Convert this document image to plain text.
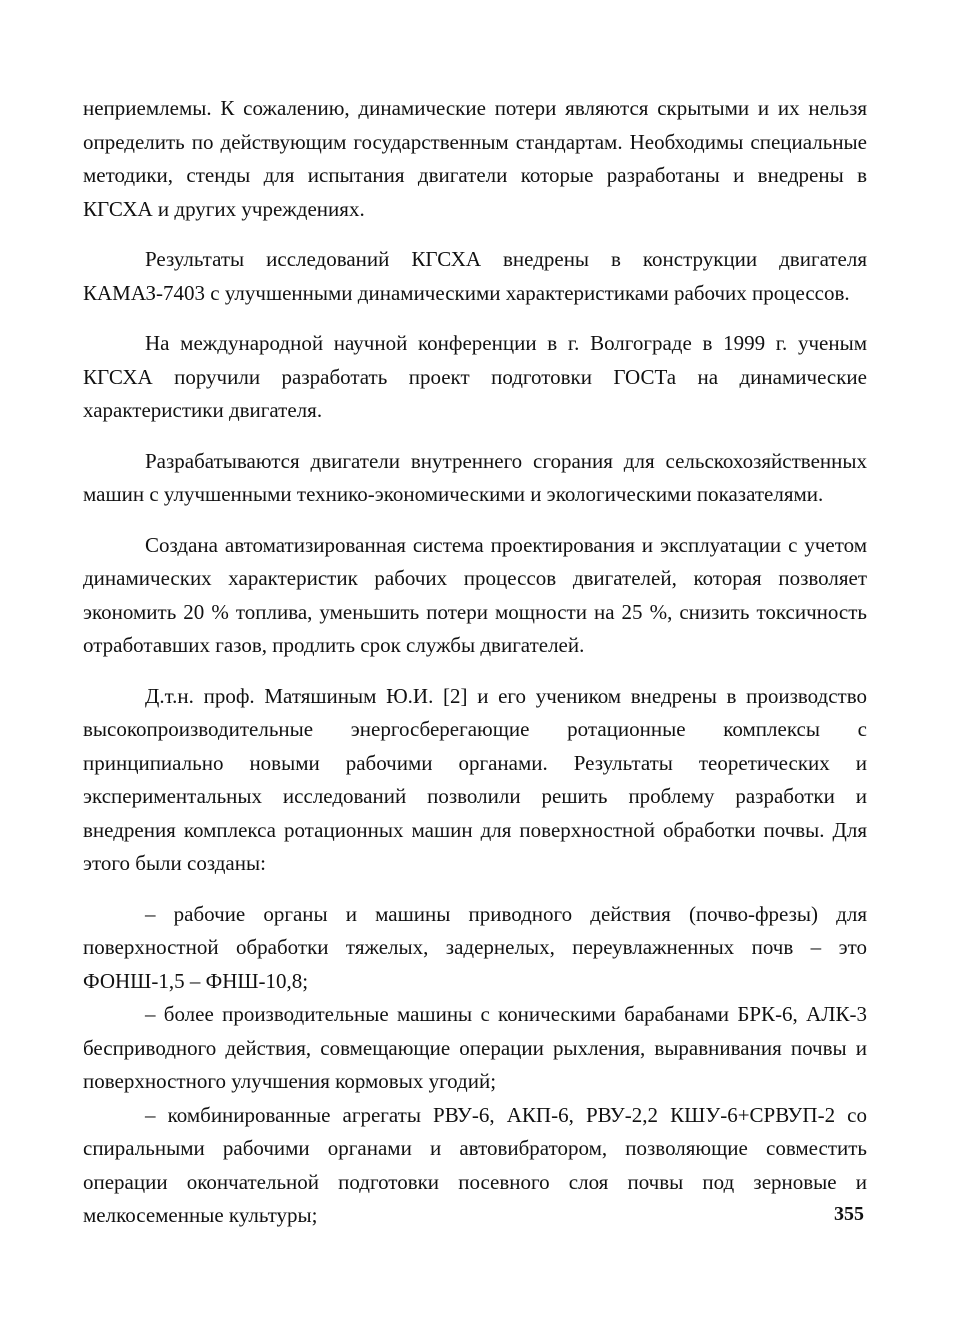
неприемлемы. К сожалению, динамические потери являются скрытыми и их нельзя определить по действующим государственным стандартам. Необходимы специальные методики, стенды для испытания двигатели которые разработаны и внедрены в КГСХА и других учреждениях.

Результаты исследований КГСХА внедрены в конструкции двигателя КАМАЗ-7403 с улучшенными динамическими характеристиками рабочих процессов.

На международной научной конференции в г. Волгограде в 1999 г. ученым КГСХА поручили разработать проект подготовки ГОСТа на динамические характеристики двигателя.

Разрабатываются двигатели внутреннего сгорания для сельскохозяйственных машин с улучшенными технико-экономическими и экологическими показателями.

Создана автоматизированная система проектирования и эксплуатации с учетом динамических характеристик рабочих процессов двигателей, которая позволяет экономить 20 % топлива, уменьшить потери мощности на 25 %, снизить токсичность отработавших газов, продлить срок службы двигателей.

Д.т.н. проф. Матяшиным Ю.И. [2] и его учеником внедрены в производство высокопроизводительные энергосберегающие ротационные комплексы с принципиально новыми рабочими органами. Результаты теоретических и экспериментальных исследований позволили решить проблему разработки и внедрения комплекса ротационных машин для поверхностной обработки почвы. Для этого были созданы:

– рабочие органы и машины приводного действия (почво-фрезы) для поверхностной обработки тяжелых, задернелых, переувлажненных почв – это ФОНШ-1,5 – ФНШ-10,8;

– более производительные машины с коническими барабанами БРК-6, АЛК-3 бесприводного действия, совмещающие операции рыхления, выравнивания почвы и поверхностного улучшения кормовых угодий;

– комбинированные агрегаты РВУ-6, АКП-6, РВУ-2,2 КШУ-6+СРВУП-2 со спиральными рабочими органами и автовибратором, позволяющие совместить операции окончательной подготовки посевного слоя почвы под зерновые и мелкосеменные культуры;	355
